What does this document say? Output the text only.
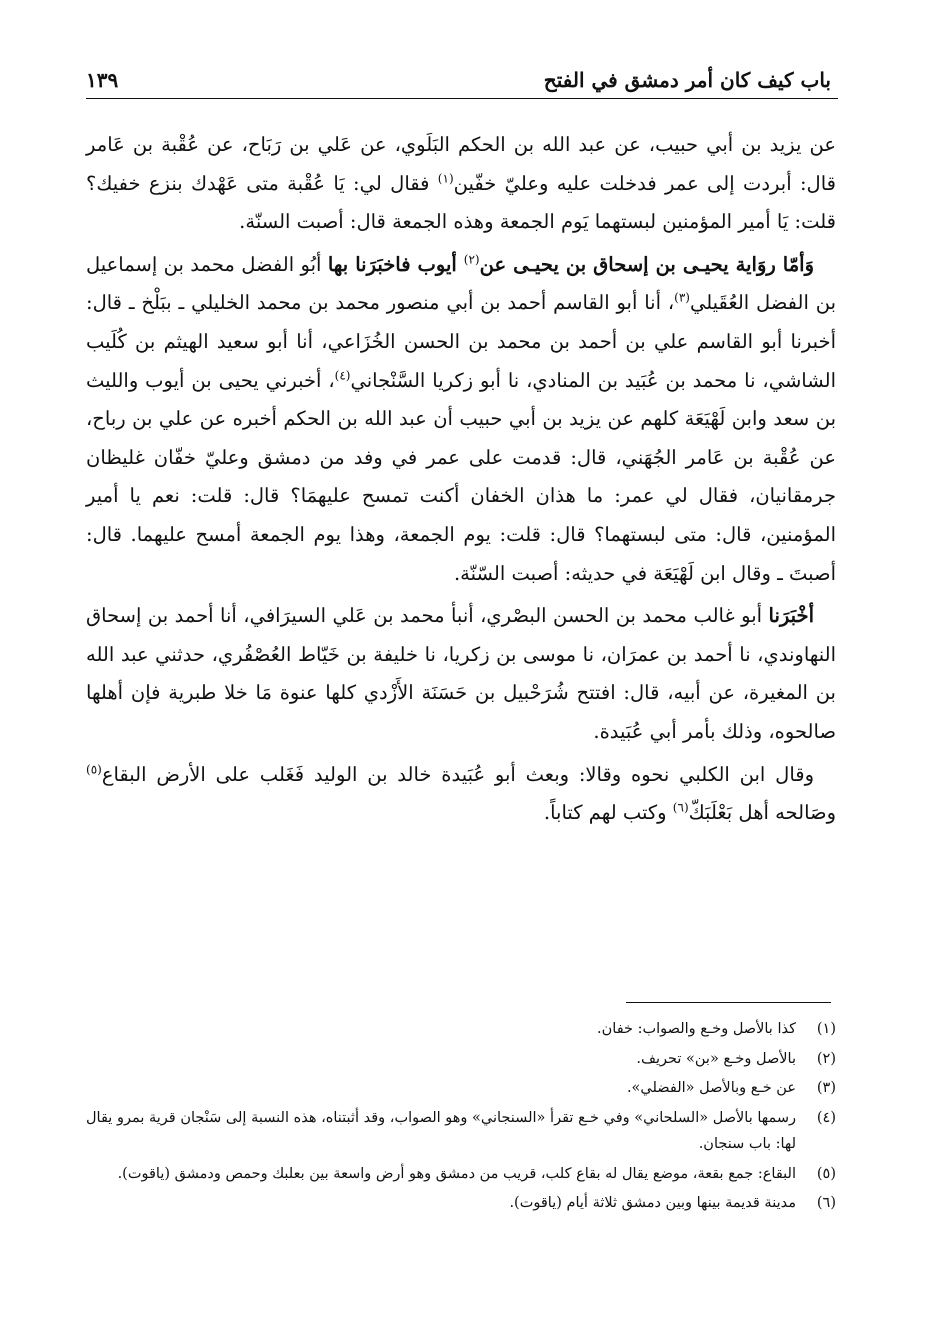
باب كيف كان أمر دمشق في الفتح
١٣٩

عن يزيد بن أبي حبيب، عن عبد الله بن الحكم البَلَوي، عن عَلي بن رَبَاح، عن عُقْبة بن عَامر قال: أبردت إلى عمر فدخلت عليه وعليّ خفّين$^{(١)}$ فقال لي: يَا عُقْبة متى عَهْدك بنزع خفيك؟ قلت: يَا أمير المؤمنين لبستهما يَوم الجمعة وهذه الجمعة قال: أصبت السنّة.

وَأمّا روَاية يحيـى بن إسحاق بن يحيـى عن$^{(٢)}$ أيوب فاخبَرَنا بها أبُو الفضل محمد بن إسماعيل بن الفضل العُقَيلي$^{(٣)}$، أنا أبو القاسم أحمد بن أبي منصور محمد بن محمد الخليلي ـ ببَلْخ ـ قال: أخبرنا أبو القاسم علي بن أحمد بن محمد بن الحسن الخُزَاعي، أنا أبو سعيد الهيثم بن كُلَيب الشاشي، نا محمد بن عُبَيد بن المنادي، نا أبو زكريا السَّنْجاني$^{(٤)}$، أخبرني يحيى بن أيوب والليث بن سعد وابن لَهْيَعَة كلهم عن يزيد بن أبي حبيب أن عبد الله بن الحكم أخبره عن علي بن رباح، عن عُقْبة بن عَامر الجُهَني، قال: قدمت على عمر في وفد من دمشق وعليّ خفّان غليظان جرمقانيان، فقال لي عمر: ما هذان الخفان أكنت تمسح عليهمَا؟ قال: قلت: نعم يا أمير المؤمنين، قال: متى لبستهما؟ قال: قلت: يوم الجمعة، وهذا يوم الجمعة أمسح عليهما. قال: أصبتَ ـ وقال ابن لَهْيَعَة في حديثه: أصبت السّنّة.

أخْبَرَنا أبو غالب محمد بن الحسن البصْري، أنبأ محمد بن عَلي السيرَافي، أنا أحمد بن إسحاق النهاوندي، نا أحمد بن عمرَان، نا موسى بن زكريا، نا خليفة بن خَيّاط العُصْفُري، حدثني عبد الله بن المغيرة، عن أبيه، قال: افتتح شُرَحْبيل بن حَسَنَة الأَزْدي كلها عنوة مَا خلا طبرية فإن أهلها صالحوه، وذلك بأمر أبي عُبَيدة.

وقال ابن الكلبي نحوه وقالا: وبعث أبو عُبَيدة خالد بن الوليد فَغَلب على الأرض البقاع$^{(٥)}$ وصَالحه أهل بَعْلَبَكّ$^{(٦)}$ وكتب لهم كتاباً.

(١)
كذا بالأصل وخـع والصواب: خفان.
(٢)
بالأصل وخـع «بن» تحريف.
(٣)
عن خـع وبالأصل «الفضلي».
(٤)
رسمها بالأصل «السلحاني» وفي خـع تقرأ «السنجاني» وهو الصواب، وقد أثبتناه، هذه النسبة إلى سَنْجان قرية بمرو يقال لها: باب سنجان.
(٥)
البقاع: جمع بقعة، موضع يقال له بقاع كلب، قريب من دمشق وهو أرض واسعة بين بعلبك وحمص ودمشق (ياقوت).
(٦)
مدينة قديمة بينها وبين دمشق ثلاثة أيام (ياقوت).
